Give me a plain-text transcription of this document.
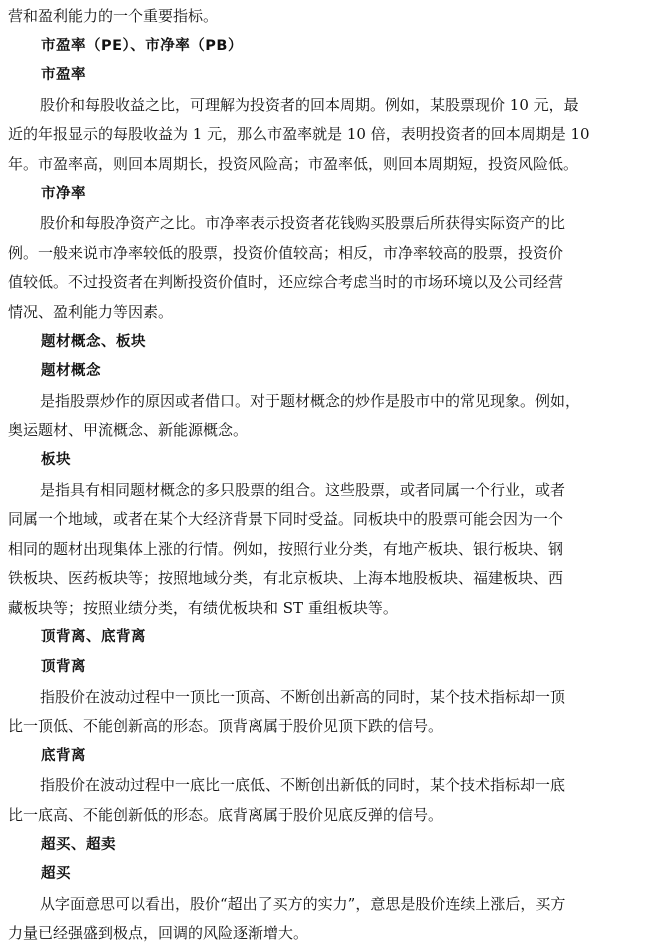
营和盈利能力的一个重要指标。
市盈率（PE）、市净率（PB）
市盈率
股价和每股收益之比，可理解为投资者的回本周期。例如，某股票现价 10 元，最
近的年报显示的每股收益为 1 元，那么市盈率就是 10 倍，表明投资者的回本周期是 10
年。市盈率高，则回本周期长，投资风险高；市盈率低，则回本周期短，投资风险低。
市净率
股价和每股净资产之比。市净率表示投资者花钱购买股票后所获得实际资产的比
例。一般来说市净率较低的股票，投资价值较高；相反，市净率较高的股票，投资价
值较低。不过投资者在判断投资价值时，还应综合考虑当时的市场环境以及公司经营
情况、盈利能力等因素。
题材概念、板块
题材概念
是指股票炒作的原因或者借口。对于题材概念的炒作是股市中的常见现象。例如，
奥运题材、甲流概念、新能源概念。
板块
是指具有相同题材概念的多只股票的组合。这些股票，或者同属一个行业，或者
同属一个地域，或者在某个大经济背景下同时受益。同板块中的股票可能会因为一个
相同的题材出现集体上涨的行情。例如，按照行业分类，有地产板块、银行板块、钢
铁板块、医药板块等；按照地域分类，有北京板块、上海本地股板块、福建板块、西
藏板块等；按照业绩分类，有绩优板块和 ST 重组板块等。
顶背离、底背离
顶背离
指股价在波动过程中一顶比一顶高、不断创出新高的同时，某个技术指标却一顶
比一顶低、不能创新高的形态。顶背离属于股价见顶下跌的信号。
底背离
指股价在波动过程中一底比一底低、不断创出新低的同时，某个技术指标却一底
比一底高、不能创新低的形态。底背离属于股价见底反弹的信号。
超买、超卖
超买
从字面意思可以看出，股价“超出了买方的实力”，意思是股价连续上涨后，买方
力量已经强盛到极点，回调的风险逐渐增大。
